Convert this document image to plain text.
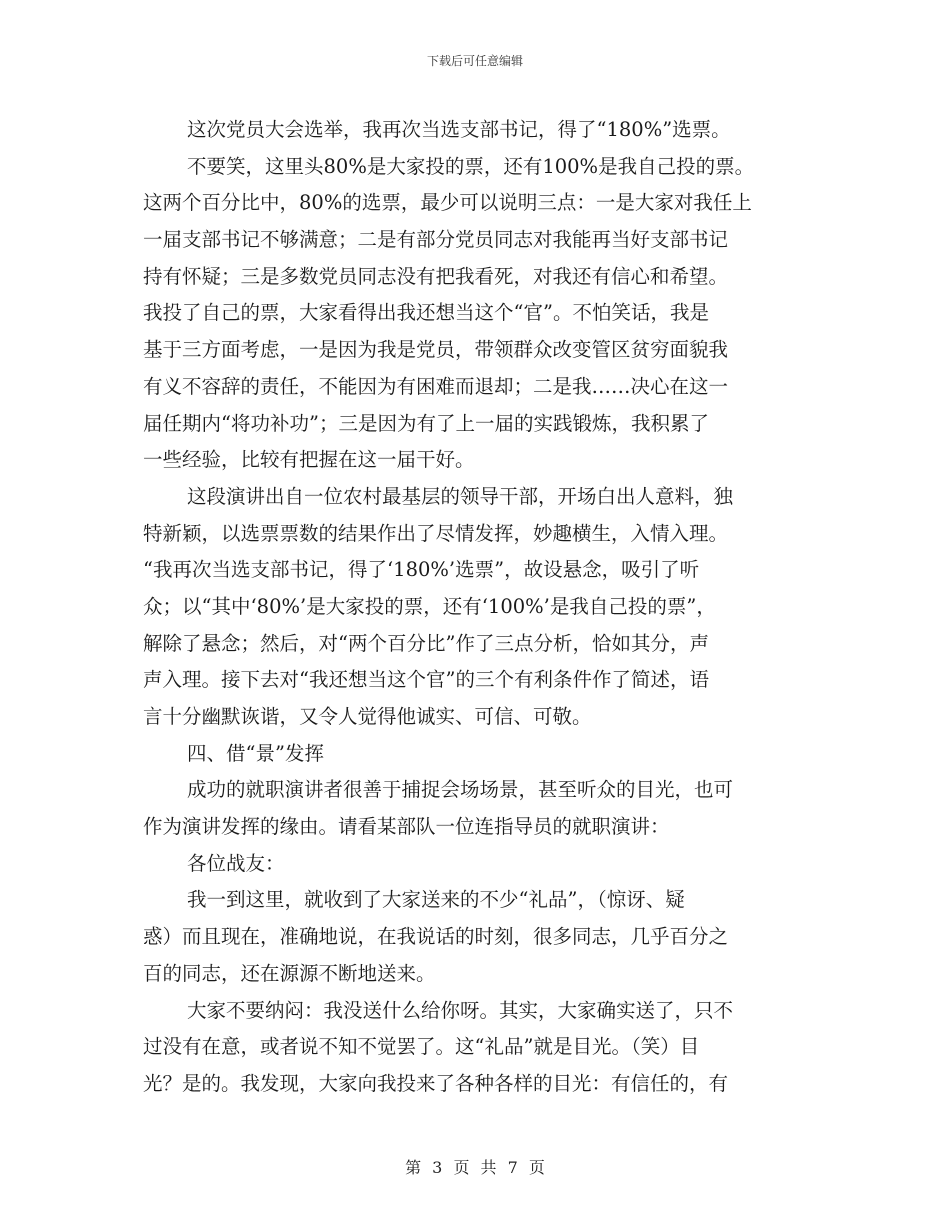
下载后可任意编辑
这次党员大会选举，我再次当选支部书记，得了“180%”选票。
不要笑，这里头80%是大家投的票，还有100%是我自己投的票。
这两个百分比中，80%的选票，最少可以说明三点：一是大家对我任上
一届支部书记不够满意；二是有部分党员同志对我能再当好支部书记
持有怀疑；三是多数党员同志没有把我看死，对我还有信心和希望。
我投了自己的票，大家看得出我还想当这个“官”。不怕笑话，我是
基于三方面考虑，一是因为我是党员，带领群众改变管区贫穷面貌我
有义不容辞的责任，不能因为有困难而退却；二是我……决心在这一
届任期内“将功补功”；三是因为有了上一届的实践锻炼，我积累了
一些经验，比较有把握在这一届干好。
这段演讲出自一位农村最基层的领导干部，开场白出人意料，独
特新颖，以选票票数的结果作出了尽情发挥，妙趣横生，入情入理。
“我再次当选支部书记，得了‘180%’选票”，故设悬念，吸引了听
众；以“其中‘80%’是大家投的票，还有‘100%’是我自己投的票”，
解除了悬念；然后，对“两个百分比”作了三点分析，恰如其分，声
声入理。接下去对“我还想当这个官”的三个有利条件作了简述，语
言十分幽默诙谐，又令人觉得他诚实、可信、可敬。
四、借“景”发挥
成功的就职演讲者很善于捕捉会场场景，甚至听众的目光，也可
作为演讲发挥的缘由。请看某部队一位连指导员的就职演讲：
各位战友：
我一到这里，就收到了大家送来的不少“礼品”，（惊讶、疑
惑）而且现在，准确地说，在我说话的时刻，很多同志，几乎百分之
百的同志，还在源源不断地送来。
大家不要纳闷：我没送什么给你呀。其实，大家确实送了，只不
过没有在意，或者说不知不觉罢了。这“礼品”就是目光。（笑）目
光？是的。我发现，大家向我投来了各种各样的目光：有信任的，有
第 3 页 共 7 页
